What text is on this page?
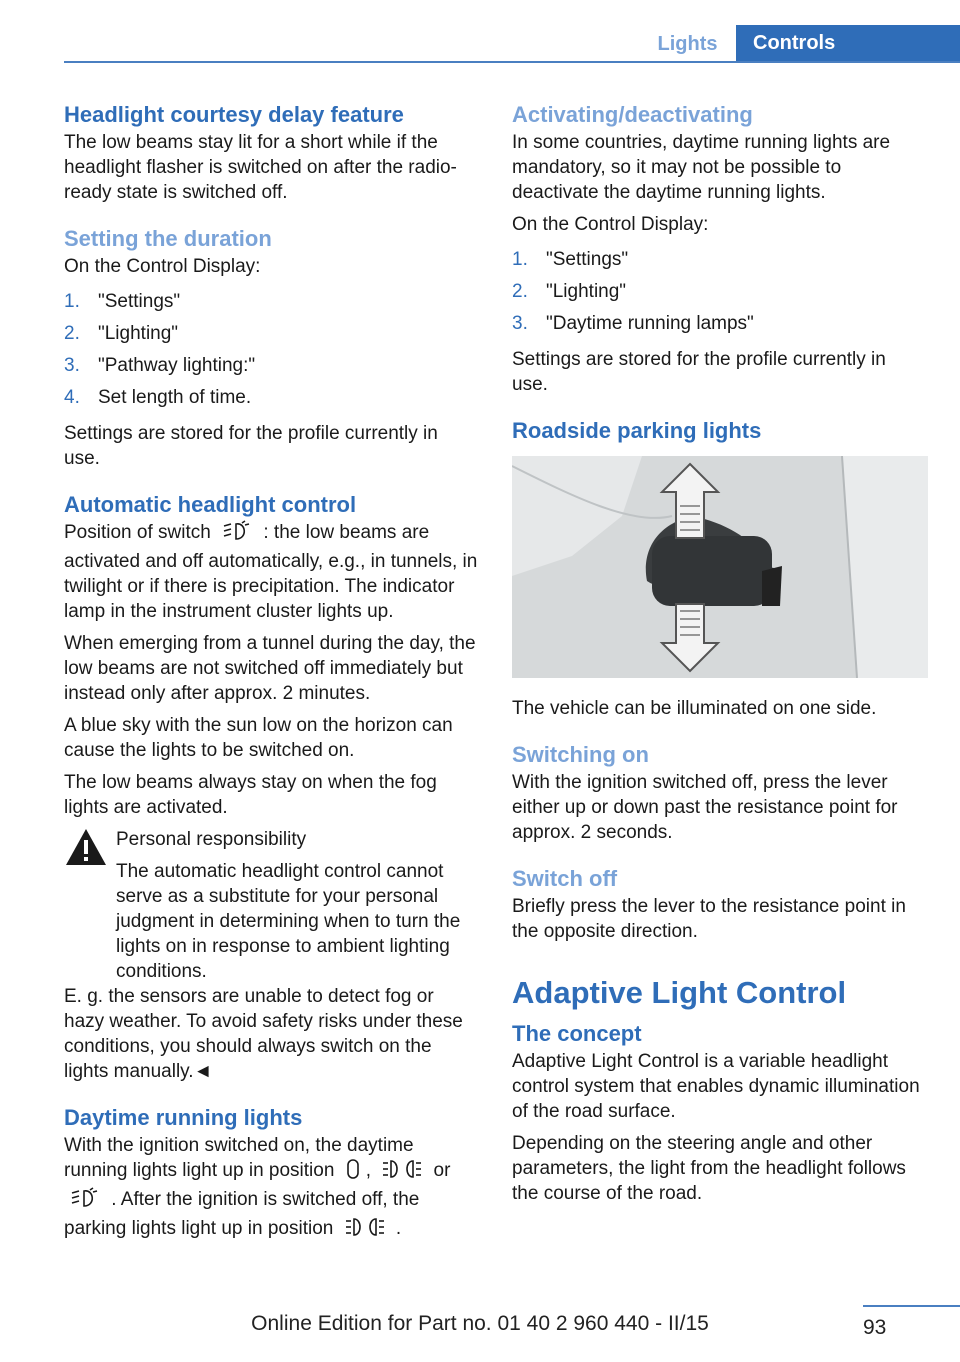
Lights	Controls
Headlight courtesy delay feature

The low beams stay lit for a short while if the headlight flasher is switched on after the radio-ready state is switched off.

Setting the duration

On the Control Display:

1. "Settings"
2. "Lighting"
3. "Pathway lighting:"
4. Set length of time.

Settings are stored for the profile currently in use.

Automatic headlight control

Position of switch	: the low beams are activated and off automatically, e.g., in tunnels, in twilight or if there is precipitation. The indicator lamp in the instrument cluster lights up.

When emerging from a tunnel during the day, the low beams are not switched off immediately but instead only after approx. 2 minutes.

A blue sky with the sun low on the horizon can cause the lights to be switched on.

The low beams always stay on when the fog lights are activated.

Personal responsibility

The automatic headlight control cannot serve as a substitute for your personal judgment in determining when to turn the lights on in response to ambient lighting conditions.

E. g. the sensors are unable to detect fog or hazy weather. To avoid safety risks under these conditions, you should always switch on the lights manually.◄

Daytime running lights

With the ignition switched on, the daytime running lights light up in position ,	or  . After the ignition is switched off, the parking lights light up in position	.

Activating/deactivating

In some countries, daytime running lights are mandatory, so it may not be possible to deactivate the daytime running lights.

On the Control Display:

1. "Settings"
2. "Lighting"
3. "Daytime running lamps"

Settings are stored for the profile currently in use.

Roadside parking lights

The vehicle can be illuminated on one side.

Switching on

With the ignition switched off, press the lever either up or down past the resistance point for approx. 2 seconds.

Switch off

Briefly press the lever to the resistance point in the opposite direction.

Adaptive Light Control
The concept

Adaptive Light Control is a variable headlight control system that enables dynamic illumination of the road surface.

Depending on the steering angle and other parameters, the light from the headlight follows the course of the road.

93
Online Edition for Part no. 01 40 2 960 440 - II/15
